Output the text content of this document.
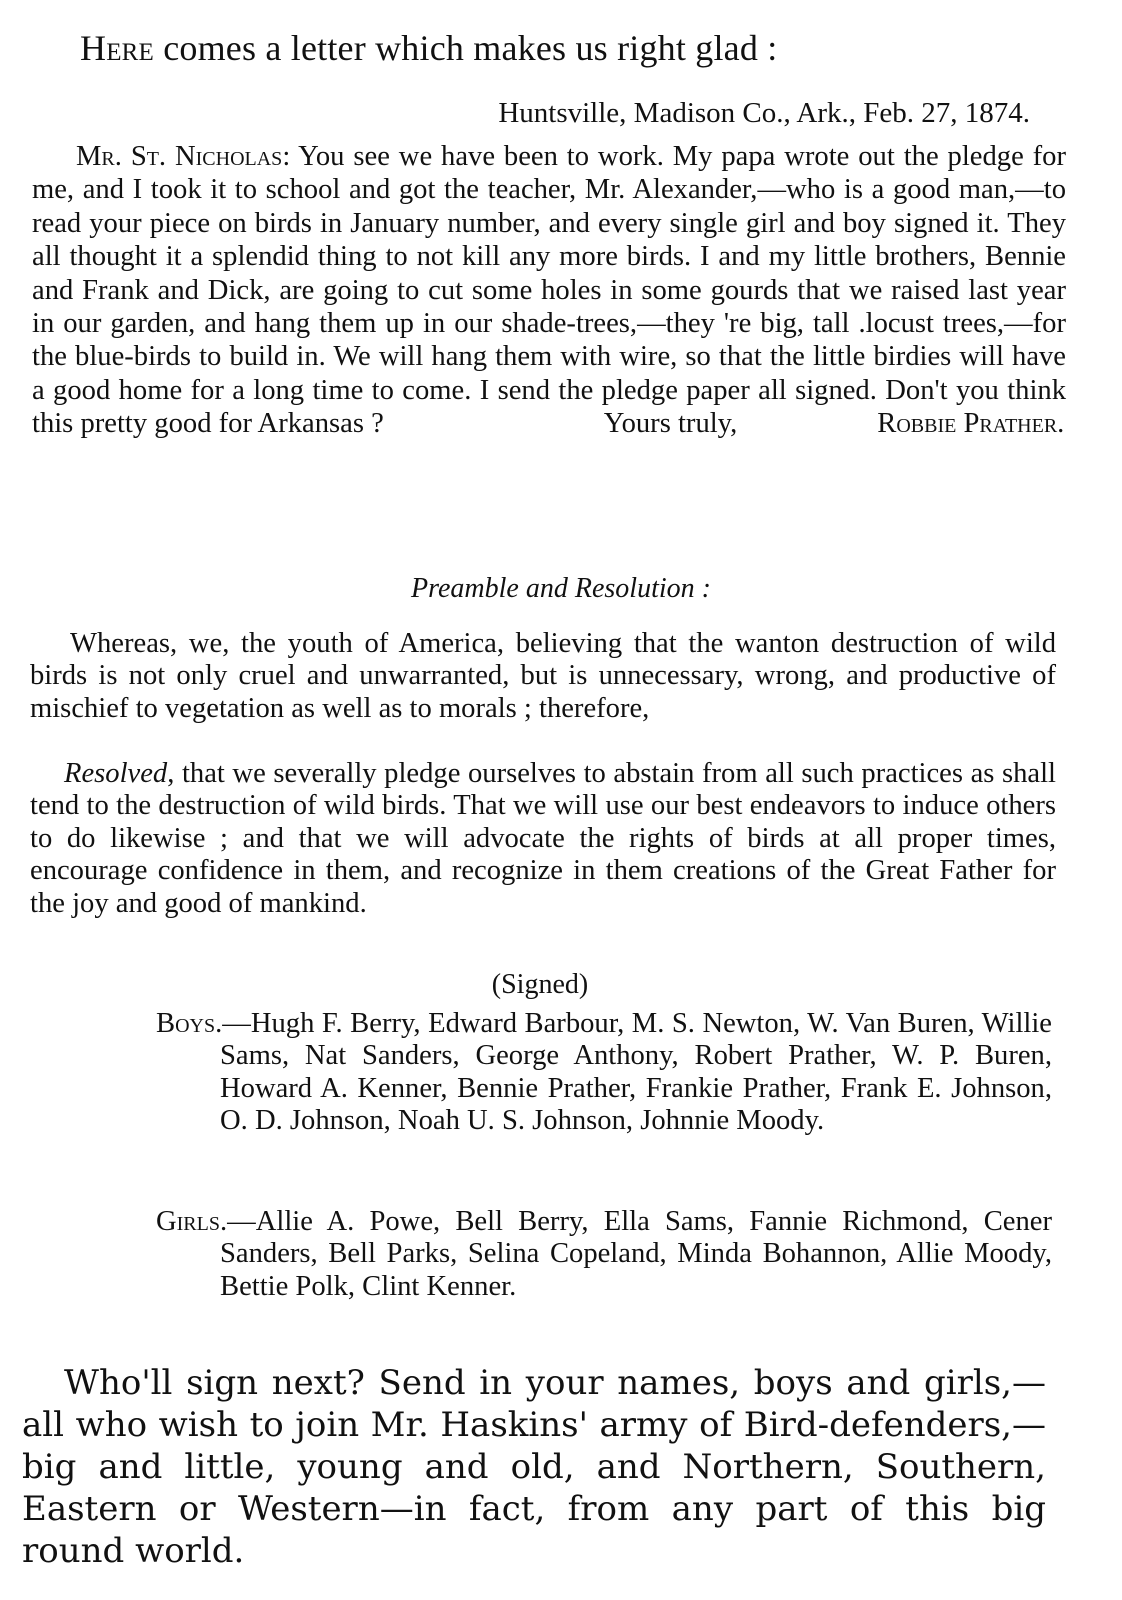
Here comes a letter which makes us right glad :
Huntsville, Madison Co., Ark., Feb. 27, 1874.

Mr. St. Nicholas: You see we have been to work. My papa wrote out the pledge for me, and I took it to school and got the teacher, Mr. Alexander,—who is a good man,—to read your piece on birds in January number, and every single girl and boy signed it. They all thought it a splendid thing to not kill any more birds. I and my little brothers, Bennie and Frank and Dick, are going to cut some holes in some gourds that we raised last year in our garden, and hang them up in our shade-trees,—they 're big, tall .locust trees,—for the blue-birds to build in. We will hang them with wire, so that the little birdies will have a good home for a long time to come. I send the pledge paper all signed. Don't you think this pretty good for Arkansas ?	Yours truly,	Robbie Prather.

Preamble and Resolution :

Whereas, we, the youth of America, believing that the wanton destruction of wild birds is not only cruel and unwarranted, but is unnecessary, wrong, and productive of mischief to vegetation as well as to morals ; therefore,

Resolved, that we severally pledge ourselves to abstain from all such practices as shall tend to the destruction of wild birds. That we will use our best endeavors to induce others to do likewise ; and that we will advocate the rights of birds at all proper times, encourage confidence in them, and recognize in them creations of the Great Father for the joy and good of mankind.

(Signed)

Boys.—Hugh F. Berry, Edward Barbour, M. S. Newton, W. Van Buren, Willie Sams, Nat Sanders, George Anthony, Robert Prather, W. P. Buren, Howard A. Kenner, Bennie Prather, Frankie Prather, Frank E. Johnson, O. D. Johnson, Noah U. S. Johnson, Johnnie Moody.

Girls.—Allie A. Powe, Bell Berry, Ella Sams, Fannie Richmond, Cener Sanders, Bell Parks, Selina Copeland, Minda Bohannon, Allie Moody, Bettie Polk, Clint Kenner.

Who'll sign next? Send in your names, boys and girls,—all who wish to join Mr. Haskins' army of Bird-defenders,—big and little, young and old, and Northern, Southern, Eastern or Western—in fact, from any part of this big round world.
